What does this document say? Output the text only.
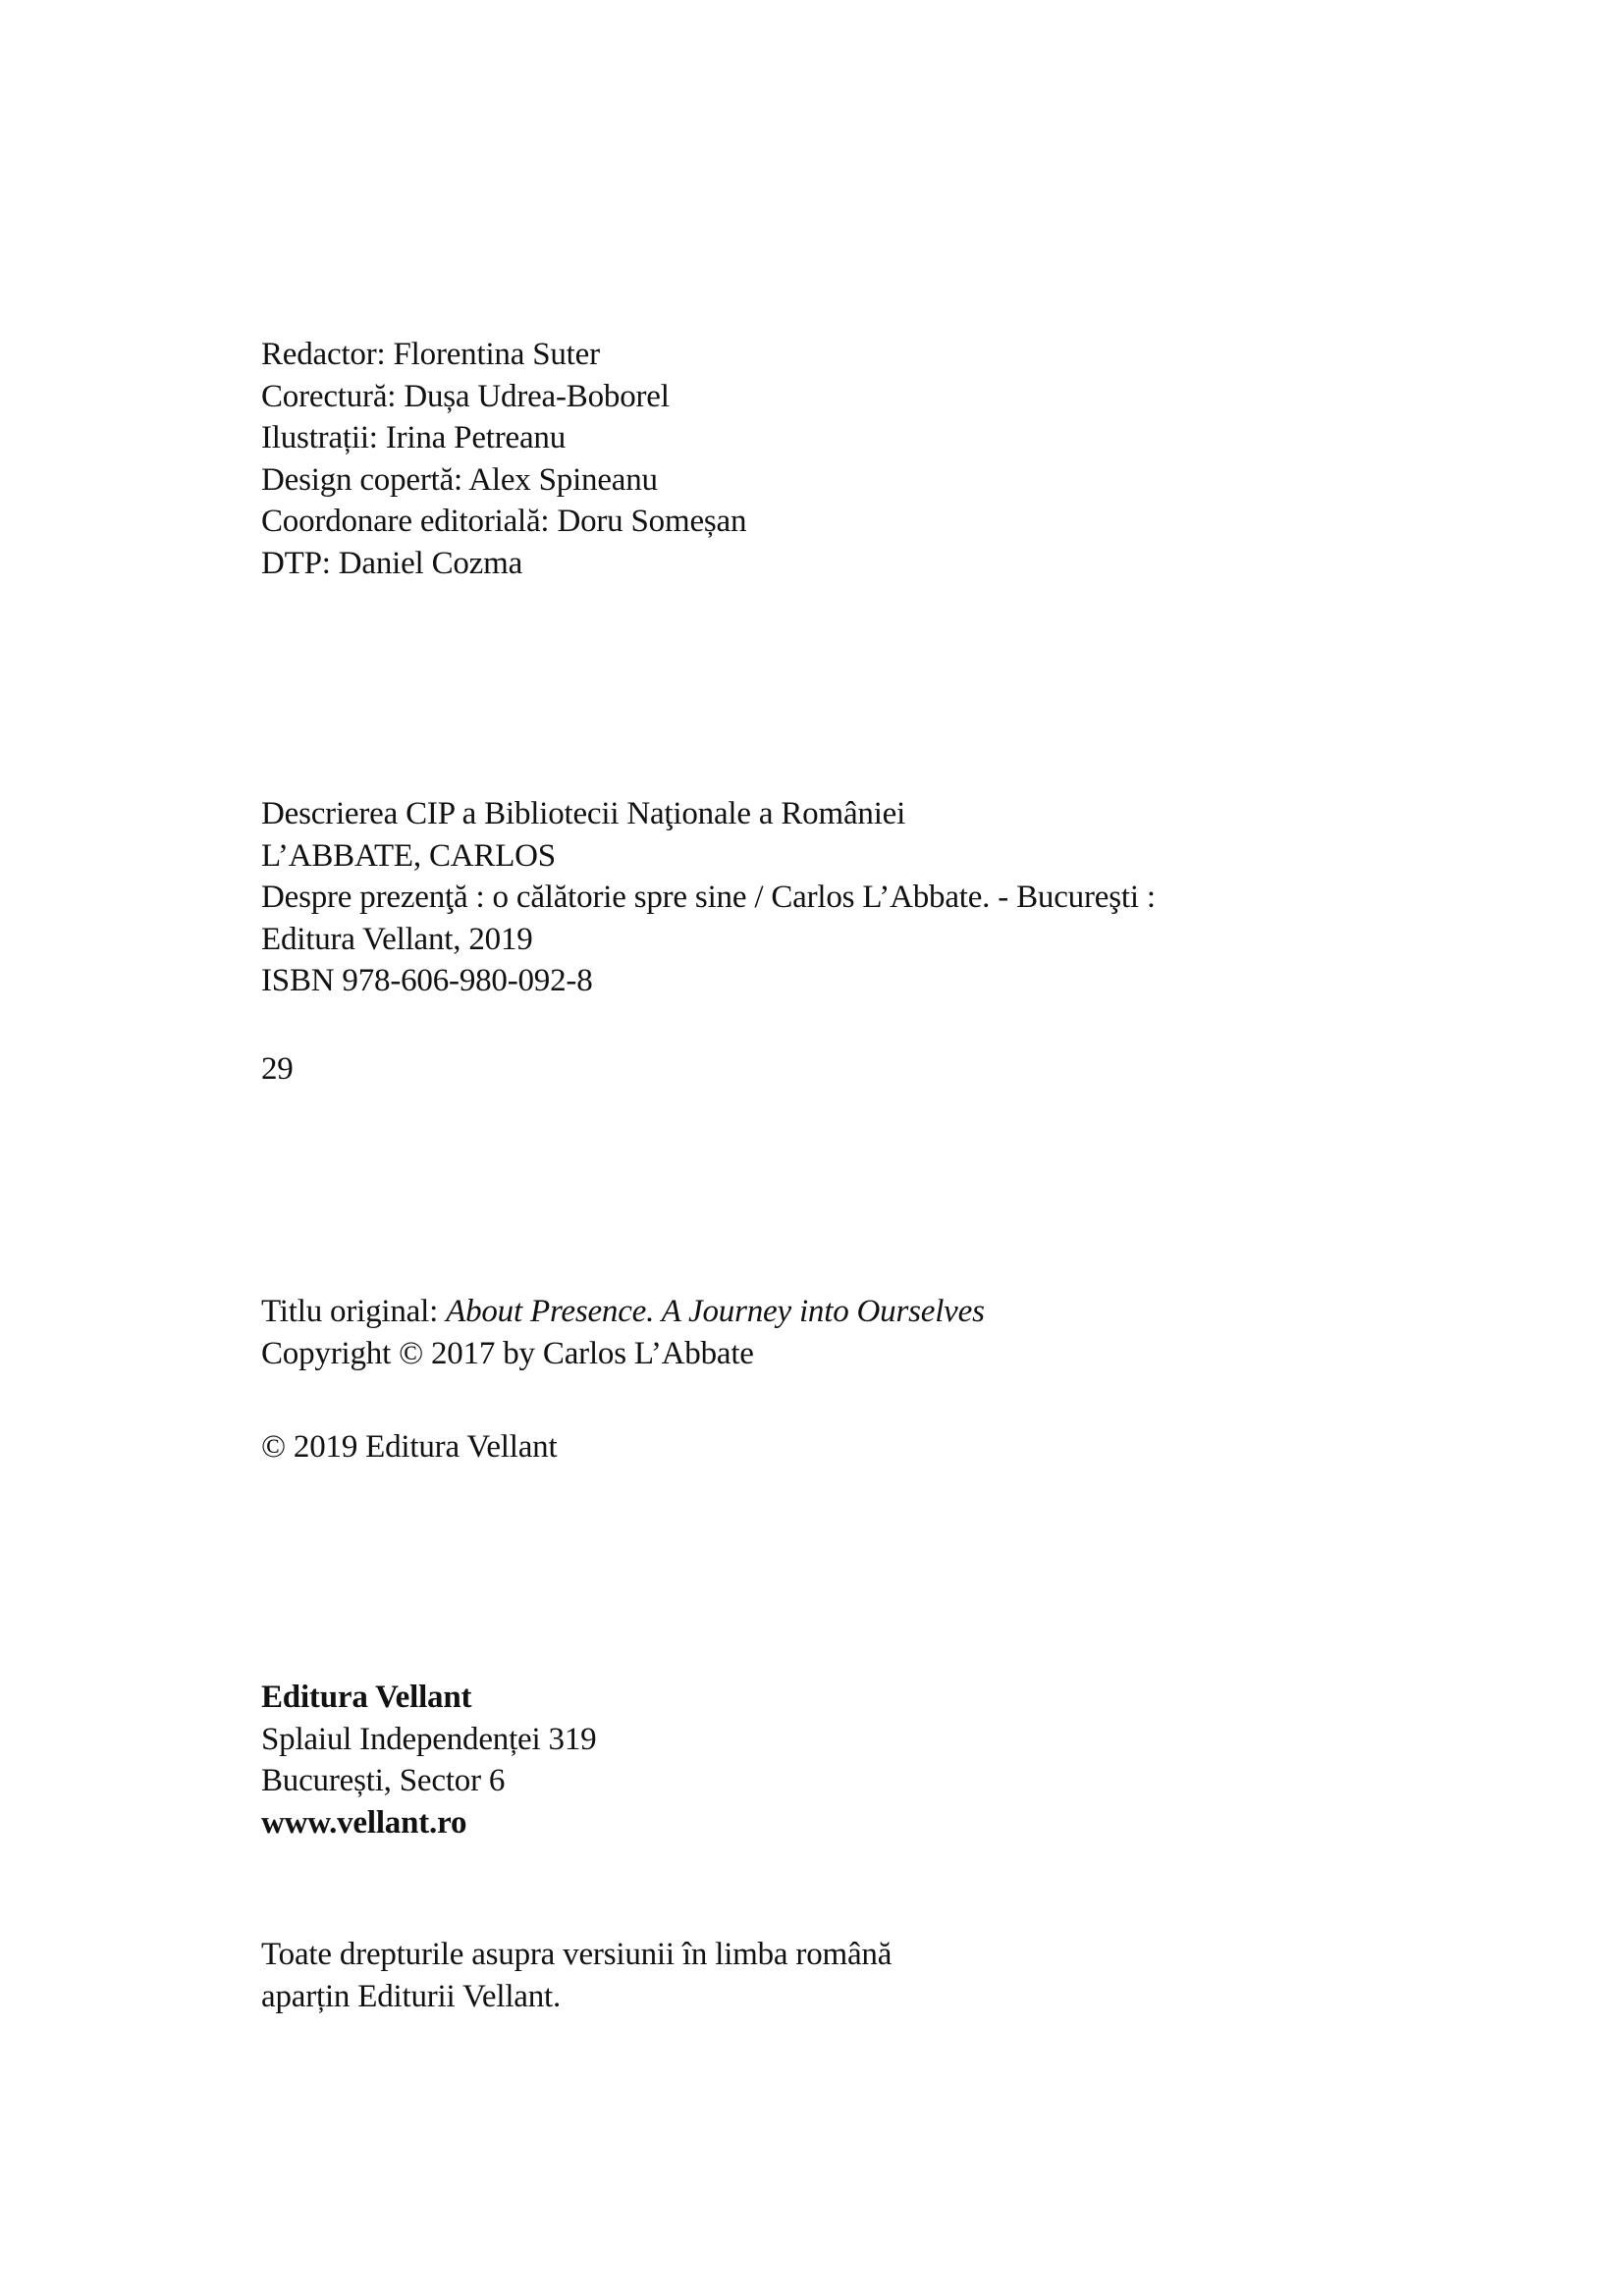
Redactor: Florentina Suter
Corectură: Dușa Udrea-Boborel
Ilustrații: Irina Petreanu
Design copertă: Alex Spineanu
Coordonare editorială: Doru Someșan
DTP: Daniel Cozma
Descrierea CIP a Bibliotecii Naţionale a României
L’ABBATE, CARLOS
Despre prezenţă : o călătorie spre sine / Carlos L’Abbate. - Bucureşti :
Editura Vellant, 2019
ISBN 978-606-980-092-8
29
Titlu original: About Presence. A Journey into Ourselves
Copyright © 2017 by Carlos L’Abbate
© 2019 Editura Vellant
Editura Vellant
Splaiul Independenței 319
București, Sector 6
www.vellant.ro
Toate drepturile asupra versiunii în limba română
aparțin Editurii Vellant.
